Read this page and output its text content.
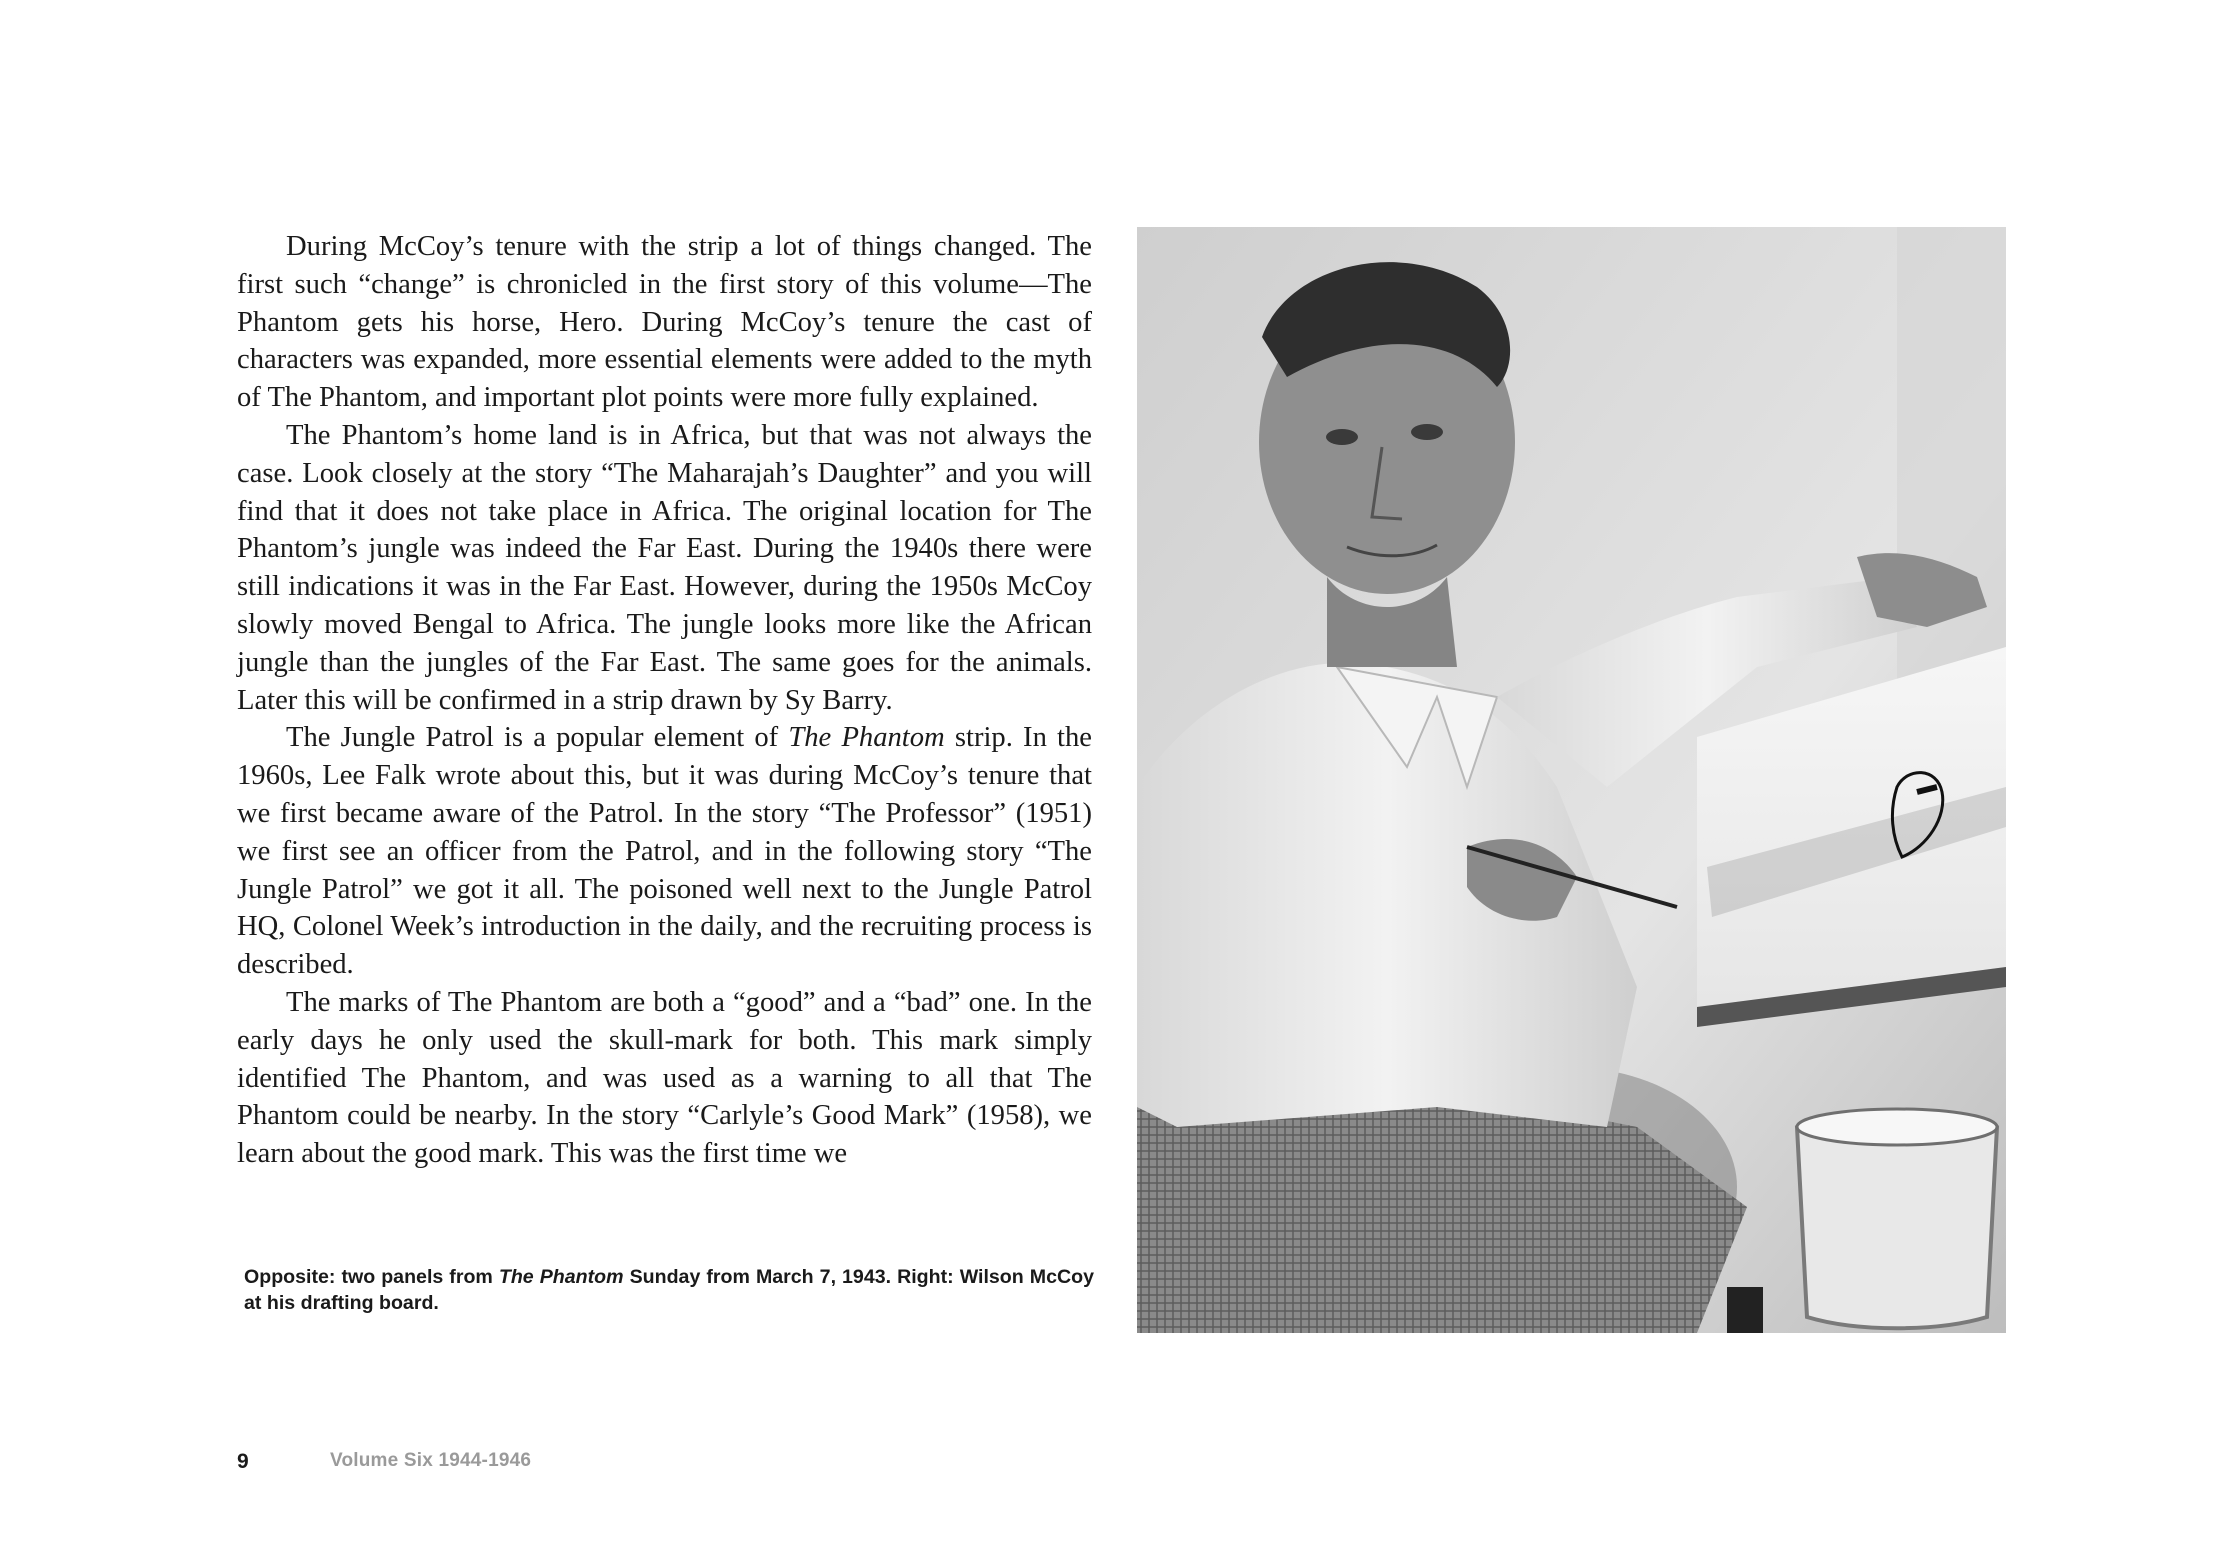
During McCoy’s tenure with the strip a lot of things changed. The first such “change” is chronicled in the first story of this volume—The Phantom gets his horse, Hero. During McCoy’s tenure the cast of characters was expanded, more essential elements were added to the myth of The Phantom, and important plot points were more fully explained.

The Phantom’s home land is in Africa, but that was not always the case. Look closely at the story “The Maharajah’s Daughter” and you will find that it does not take place in Africa. The original location for The Phantom’s jungle was indeed the Far East. During the 1940s there were still indications it was in the Far East. However, during the 1950s McCoy slowly moved Bengal to Africa. The jungle looks more like the African jungle than the jungles of the Far East. The same goes for the animals. Later this will be confirmed in a strip drawn by Sy Barry.

The Jungle Patrol is a popular element of The Phantom strip. In the 1960s, Lee Falk wrote about this, but it was during McCoy’s tenure that we first became aware of the Patrol. In the story “The Professor” (1951) we first see an officer from the Patrol, and in the following story “The Jungle Patrol” we got it all. The poisoned well next to the Jungle Patrol HQ, Colonel Week’s introduction in the daily, and the recruiting process is described.

The marks of The Phantom are both a “good” and a “bad” one. In the early days he only used the skull-mark for both. This mark simply identified The Phantom, and was used as a warning to all that The Phantom could be nearby. In the story “Carlyle’s Good Mark” (1958), we learn about the good mark. This was the first time we

Opposite: two panels from The Phantom Sunday from March 7, 1943. Right: Wilson McCoy at his drafting board.
9	Volume Six 1944-1946
